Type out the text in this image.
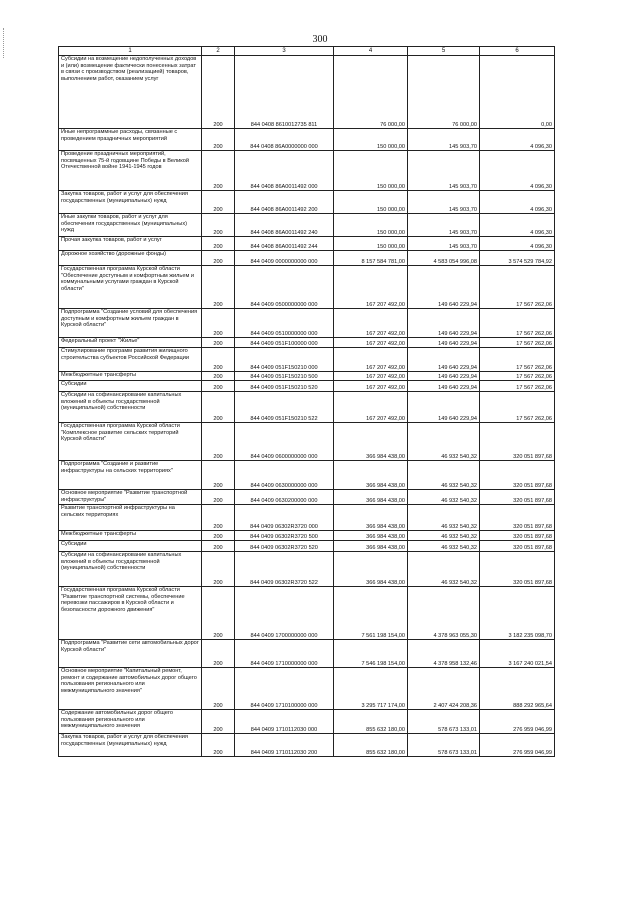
300
1	2	3	4	5	6
Субсидии на возмещение недополученных доходов и (или) возмещение фактически понесенных затрат в связи с производством (реализацией) товаров, выполнением работ, оказанием услуг	200	844 0408 8610012735 811	76 000,00	76 000,00	0,00
Иные непрограммные расходы, связанные с проведением праздничных мероприятий	200	844 0408 86A0000000 000	150 000,00	145 903,70	4 096,30
Проведение праздничных мероприятий, посвященных 75-й годовщине Победы в Великой Отечественной войне 1941-1945 годов	200	844 0408 86A0011492 000	150 000,00	145 903,70	4 096,30
Закупка товаров, работ и услуг для обеспечения государственных (муниципальных) нужд	200	844 0408 86A0011492 200	150 000,00	145 903,70	4 096,30
Иные закупки товаров, работ и услуг для обеспечения государственных (муниципальных) нужд	200	844 0408 86A0011492 240	150 000,00	145 903,70	4 096,30
Прочая закупка товаров, работ и услуг	200	844 0408 86A0011492 244	150 000,00	145 903,70	4 096,30
Дорожное хозяйство (дорожные фонды)	200	844 0409 0000000000 000	8 157 584 781,00	4 583 054 996,08	3 574 529 784,92
Государственная программа Курской области "Обеспечение доступным и комфортным жильем и коммунальными услугами граждан в Курской области"	200	844 0409 0500000000 000	167 207 492,00	149 640 229,94	17 567 262,06
Подпрограмма "Создание условий для обеспечения доступным и комфортным жильем граждан в Курской области"	200	844 0409 0510000000 000	167 207 492,00	149 640 229,94	17 567 262,06
Федеральный проект "Жилье"	200	844 0409 051F100000 000	167 207 492,00	149 640 229,94	17 567 262,06
Стимулирование программ развития жилищного строительства субъектов Российской Федерации	200	844 0409 051F150210 000	167 207 492,00	149 640 229,94	17 567 262,06
Межбюджетные трансферты	200	844 0409 051F150210 500	167 207 492,00	149 640 229,94	17 567 262,06
Субсидии	200	844 0409 051F150210 520	167 207 492,00	149 640 229,94	17 567 262,06
Субсидии на софинансирование капитальных вложений в объекты государственной (муниципальной) собственности	200	844 0409 051F150210 522	167 207 492,00	149 640 229,94	17 567 262,06
Государственная программа Курской области "Комплексное развитие сельских территорий Курской области"	200	844 0409 0600000000 000	366 984 438,00	46 932 540,32	320 051 897,68
Подпрограмма "Создание и развитие инфраструктуры на сельских территориях"	200	844 0409 0630000000 000	366 984 438,00	46 932 540,32	320 051 897,68
Основное мероприятие "Развитие транспортной инфраструктуры"	200	844 0409 0630200000 000	366 984 438,00	46 932 540,32	320 051 897,68
Развитие транспортной инфраструктуры на сельских территориях	200	844 0409 06302R3720 000	366 984 438,00	46 932 540,32	320 051 897,68
Межбюджетные трансферты	200	844 0409 06302R3720 500	366 984 438,00	46 932 540,32	320 051 897,68
Субсидии	200	844 0409 06302R3720 520	366 984 438,00	46 932 540,32	320 051 897,68
Субсидии на софинансирование капитальных вложений в объекты государственной (муниципальной) собственности	200	844 0409 06302R3720 522	366 984 438,00	46 932 540,32	320 051 897,68
Государственная программа Курской области "Развитие транспортной системы, обеспечение перевозки пассажиров в Курской области и безопасности дорожного движения"	200	844 0409 1700000000 000	7 561 198 154,00	4 378 963 055,30	3 182 235 098,70
Подпрограмма "Развитие сети автомобильных дорог Курской области"	200	844 0409 1710000000 000	7 546 198 154,00	4 378 958 132,46	3 167 240 021,54
Основное мероприятие "Капитальный ремонт, ремонт и содержание автомобильных дорог общего пользования регионального или межмуниципального значения"	200	844 0409 1710100000 000	3 295 717 174,00	2 407 424 208,36	888 292 965,64
Содержание автомобильных дорог общего пользования регионального или межмуниципального значения	200	844 0409 1710112030 000	855 632 180,00	578 673 133,01	276 959 046,99
Закупка товаров, работ и услуг для обеспечения государственных (муниципальных) нужд	200	844 0409 1710112030 200	855 632 180,00	578 673 133,01	276 959 046,99
